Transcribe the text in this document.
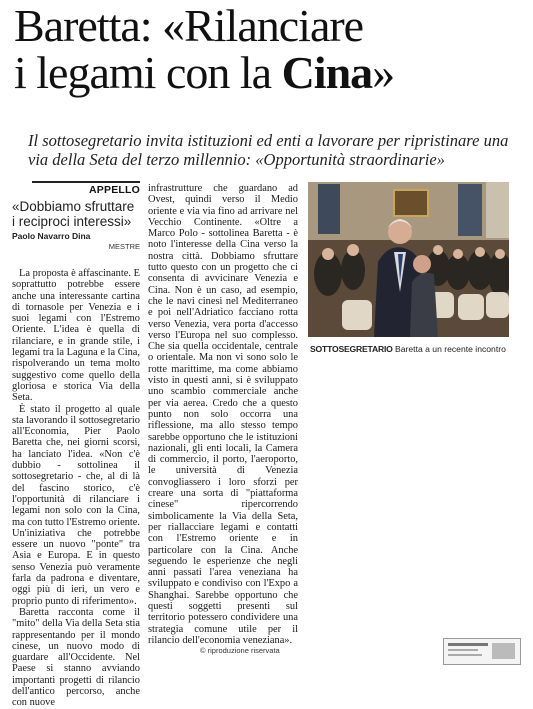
Baretta: «Rilanciare
i legami con la Cina»

Il sottosegretario invita istituzioni ed enti a lavorare per ripristinare una via della Seta del terzo millennio: «Opportunità straordinarie»

APPELLO
«Dobbiamo sfruttare i reciproci interessi»
Paolo Navarro Dina
MESTRE

La proposta è affascinante. E soprattutto potrebbe essere anche una interessante cartina di tornasole per Venezia e i suoi legami con l'Estremo Oriente. L'idea è quella di rilanciare, e in grande stile, i legami tra la Laguna e la Cina, rispolverando un tema molto suggestivo come quello della gloriosa e storica Via della Seta.

È stato il progetto al quale sta lavorando il sottosegretario all'Economia, Pier Paolo Baretta che, nei giorni scorsi, ha lanciato l'idea. «Non c'è dubbio - sottolinea il sottosegretario - che, al di là del fascino storico, c'è l'opportunità di rilanciare i legami non solo con la Cina, ma con tutto l'Estremo oriente. Un'iniziativa che potrebbe essere un nuovo "ponte" tra Asia e Europa. E in questo senso Venezia può veramente farla da padrona e diventare, oggi più di ieri, un vero e proprio punto di riferimento».

Baretta racconta come il "mito" della Via della Seta stia rappresentando per il mondo cinese, un nuovo modo di guardare all'Occidente. Nel Paese si stanno avviando importanti progetti di rilancio dell'antico percorso, anche con nuove

infrastrutture che guardano ad Ovest, quindi verso il Medio oriente e via via fino ad arrivare nel Vecchio Continente. «Oltre a Marco Polo - sottolinea Baretta - è noto l'interesse della Cina verso la nostra città. Dobbiamo sfruttare tutto questo con un progetto che ci consenta di avvicinare Venezia e Cina. Non è un caso, ad esempio, che le navi cinesi nel Mediterraneo e poi nell'Adriatico facciano rotta verso Venezia, vera porta d'accesso verso l'Europa nel suo complesso. Che sia quella occidentale, centrale o orientale. Ma non vi sono solo le rotte marittime, ma come abbiamo visto in questi anni, si è sviluppato uno scambio commerciale anche per via aerea. Credo che a questo punto non solo occorra una riflessione, ma allo stesso tempo sarebbe opportuno che le istituzioni nazionali, gli enti locali, la Camera di commercio, il porto, l'aeroporto, le università di Venezia convogliassero i loro sforzi per creare una sorta di "piattaforma cinese" ripercorrendo simbolicamente la Via della Seta, per riallacciare legami e contatti con l'Estremo oriente e in particolare con la Cina. Anche seguendo le esperienze che negli anni passati l'area veneziana ha sviluppato e condiviso con l'Expo a Shanghai. Sarebbe opportuno che questi soggetti presenti sul territorio potessero condividere una strategia comune utile per il rilancio dell'economia veneziana».

SOTTOSEGRETARIO Baretta a un recente incontro
© riproduzione riservata
